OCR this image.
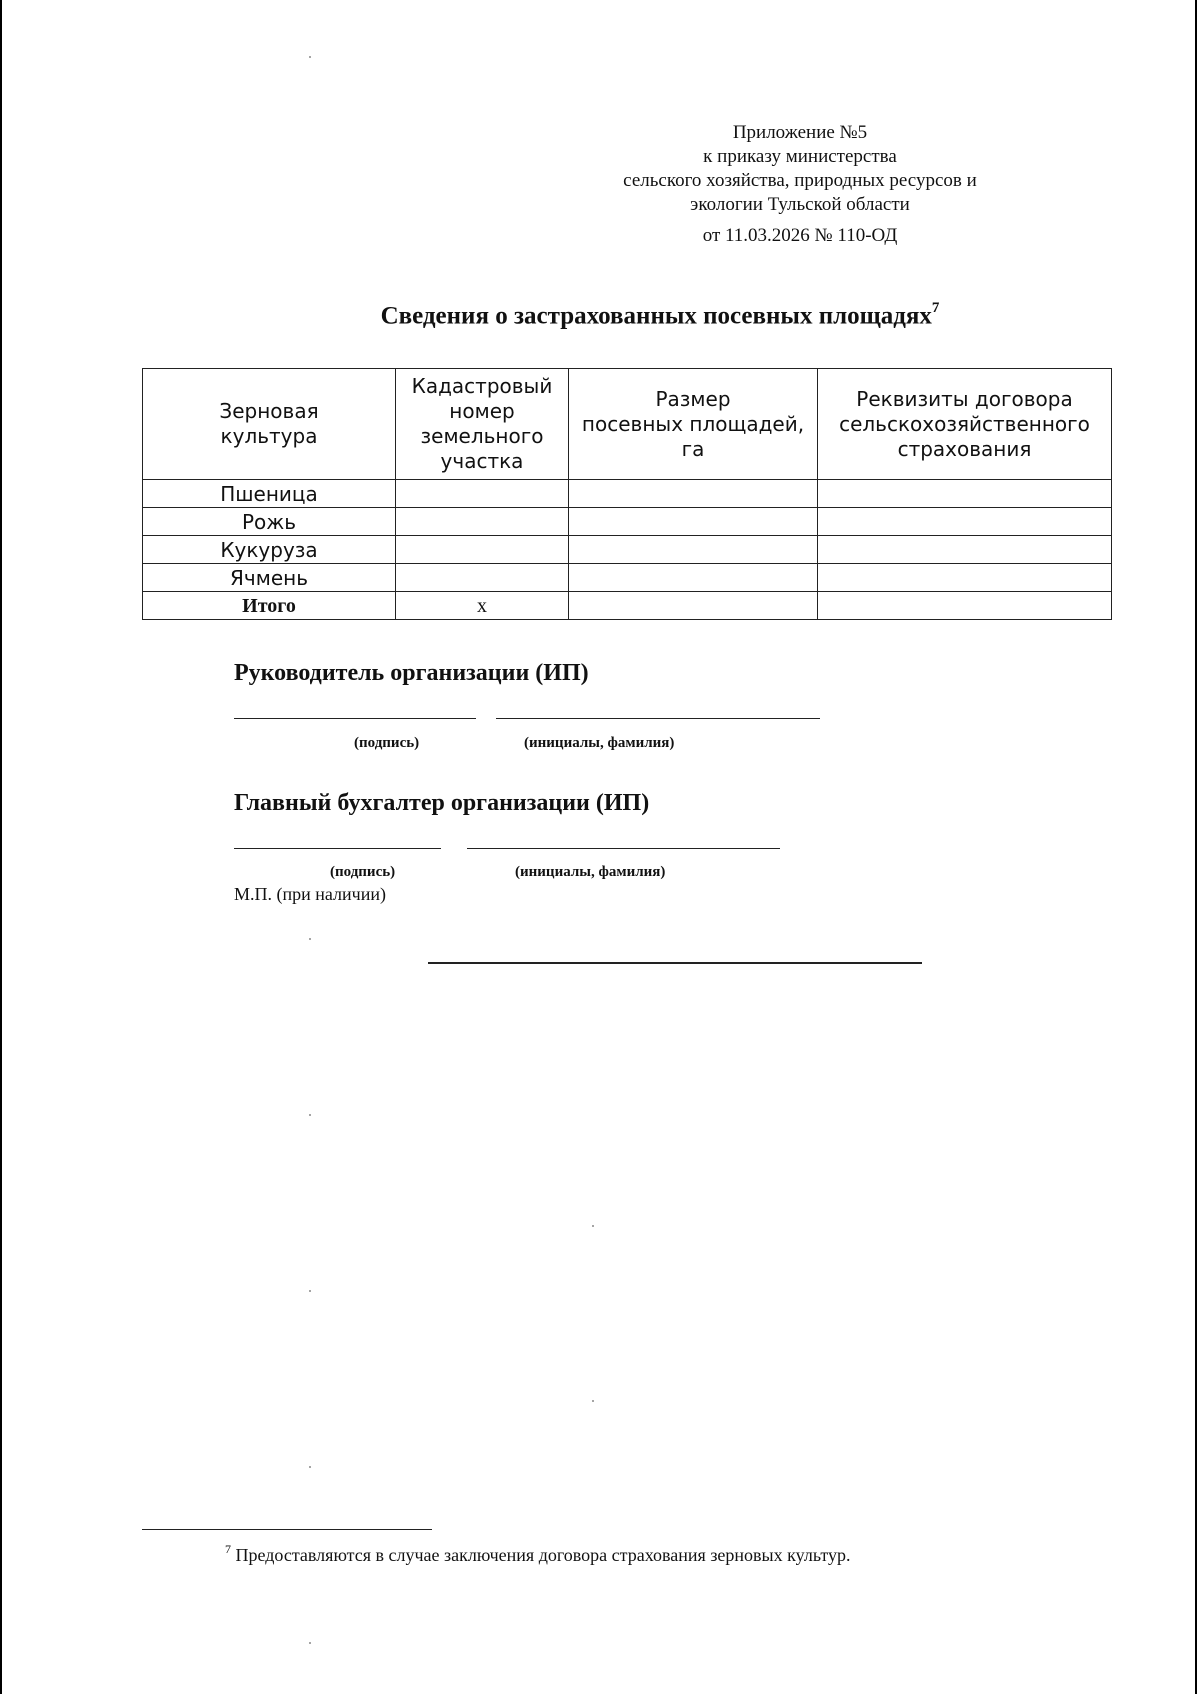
Приложение №5
к приказу министерства
сельского хозяйства, природных ресурсов и
экологии Тульской области
от 11.03.2026 № 110-ОД
Сведения о застрахованных посевных площадях$^7$
Зерновая
культура	Кадастровый
номер
земельного
участка	Размер
посевных площадей,
га	Реквизиты договора
сельскохозяйственного
страхования
Пшеница			
Рожь			
Кукуруза			
Ячмень			
Итого	х		
Руководитель организации (ИП)
(подпись)	(инициалы, фамилия)
Главный бухгалтер организации (ИП)
(подпись)	(инициалы, фамилия)
М.П. (при наличии)
$^7$ Предоставляются в случае заключения договора страхования зерновых культур.
